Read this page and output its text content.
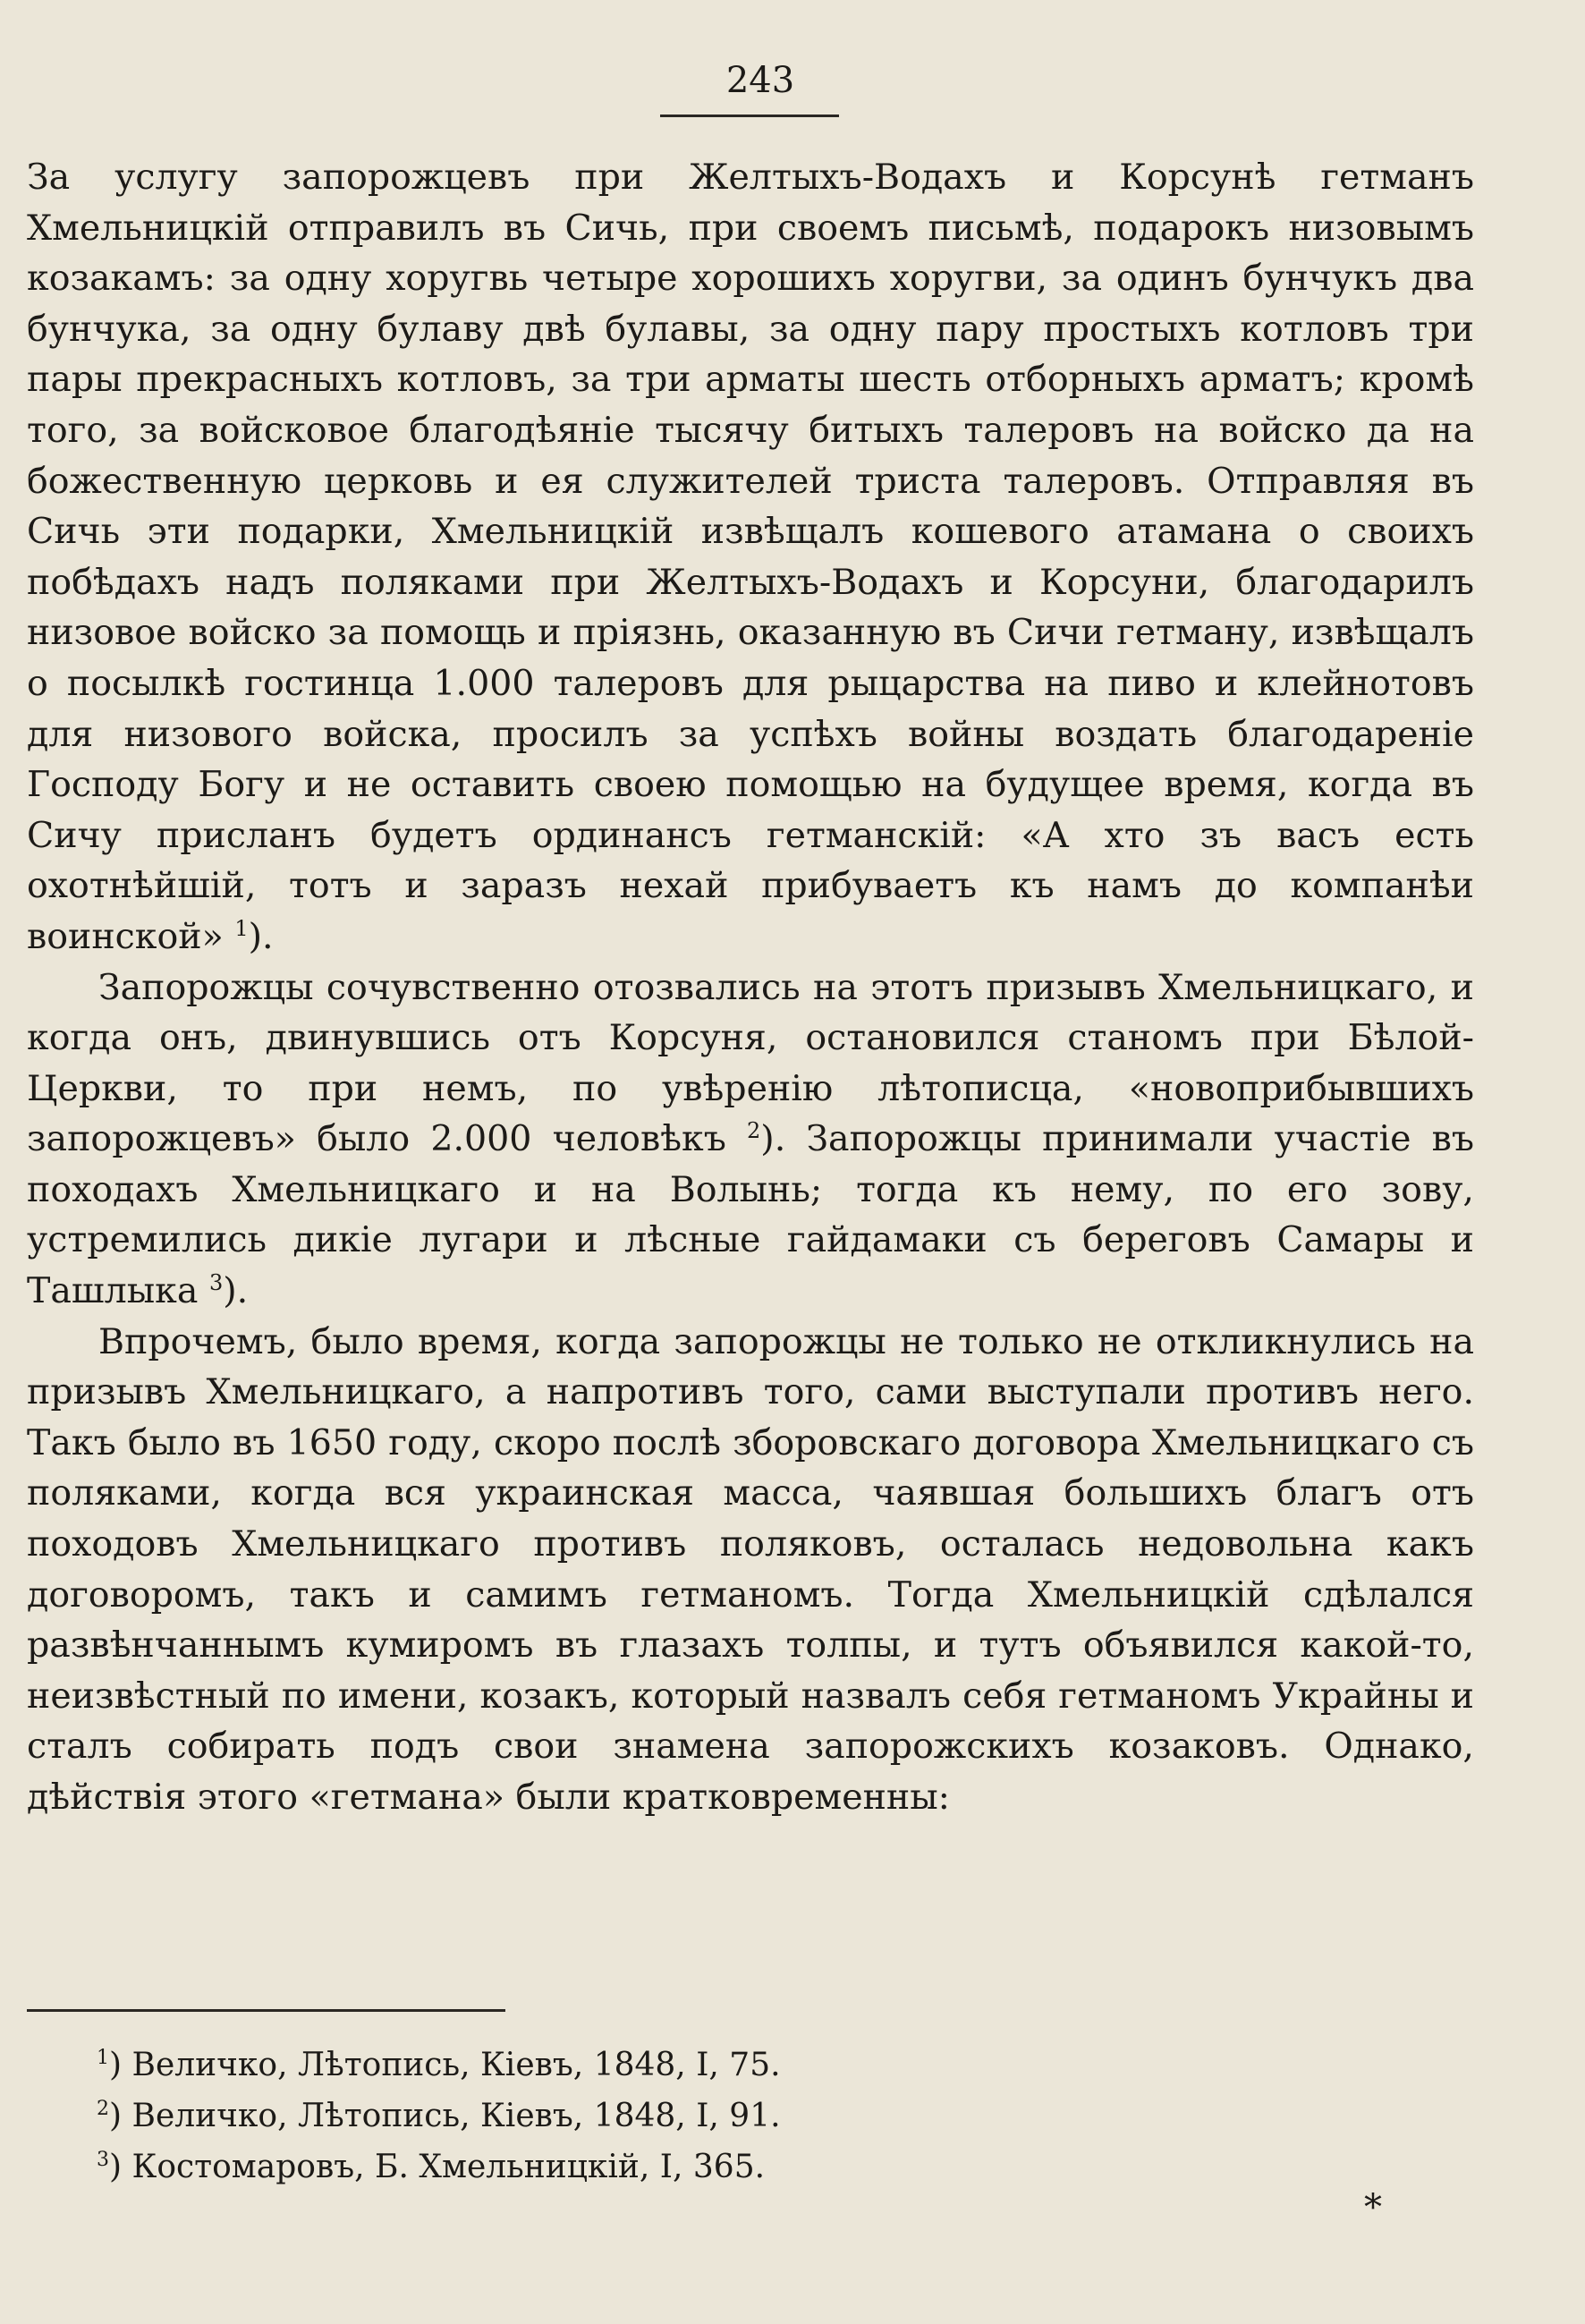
243

За услугу запорожцевъ при Желтыхъ-Водахъ и Корсунѣ гетманъ Хмельницкій отправилъ въ Сичь, при своемъ письмѣ, подарокъ низовымъ козакамъ: за одну хоругвь четыре хорошихъ хоругви, за одинъ бунчукъ два бунчука, за одну булаву двѣ булавы, за одну пару простыхъ котловъ три пары прекрасныхъ котловъ, за три арматы шесть отборныхъ арматъ; кромѣ того, за войсковое благодѣяніе тысячу битыхъ талеровъ на войско да на божественную церковь и ея служителей триста талеровъ. Отправляя въ Сичь эти подарки, Хмельницкій извѣщалъ кошевого атамана о своихъ побѣдахъ надъ поляками при Желтыхъ-Водахъ и Корсуни, благодарилъ низовое войско за помощь и пріязнь, оказанную въ Сичи гетману, извѣщалъ о посылкѣ гостинца 1.000 талеровъ для рыцарства на пиво и клейнотовъ для низового войска, просилъ за успѣхъ войны воздать благодареніе Господу Богу и не оставить своею помощью на будущее время, когда въ Сичу присланъ будетъ ординансъ гетманскій: «А хто зъ васъ есть охотнѣйшій, тотъ и заразъ нехай прибуваетъ къ намъ до компанѣи воинской» $^1$).

Запорожцы сочувственно отозвались на этотъ призывъ Хмельницкаго, и когда онъ, двинувшись отъ Корсуня, остановился станомъ при Бѣлой-Церкви, то при немъ, по увѣренію лѣтописца, «новоприбывшихъ запорожцевъ» было 2.000 человѣкъ $^2$). Запорожцы принимали участіе въ походахъ Хмельницкаго и на Волынь; тогда къ нему, по его зову, устремились дикіе лугари и лѣсные гайдамаки съ береговъ Самары и Ташлыка $^3$).

Впрочемъ, было время, когда запорожцы не только не откликнулись на призывъ Хмельницкаго, а напротивъ того, сами выступали противъ него. Такъ было въ 1650 году, скоро послѣ зборовскаго договора Хмельницкаго съ поляками, когда вся украинская масса, чаявшая большихъ благъ отъ походовъ Хмельницкаго противъ поляковъ, осталась недовольна какъ договоромъ, такъ и самимъ гетманомъ. Тогда Хмельницкій сдѣлался развѣнчаннымъ кумиромъ въ глазахъ толпы, и тутъ объявился какой-то, неизвѣстный по имени, козакъ, который назвалъ себя гетманомъ Украйны и сталъ собирать подъ свои знамена запорожскихъ козаковъ. Однако, дѣйствія этого «гетмана» были кратковременны:

$^1$) Величко, Лѣтопись, Кіевъ, 1848, I, 75.
$^2$) Величко, Лѣтопись, Кіевъ, 1848, I, 91.
$^3$) Костомаровъ, Б. Хмельницкій, I, 365.
*
